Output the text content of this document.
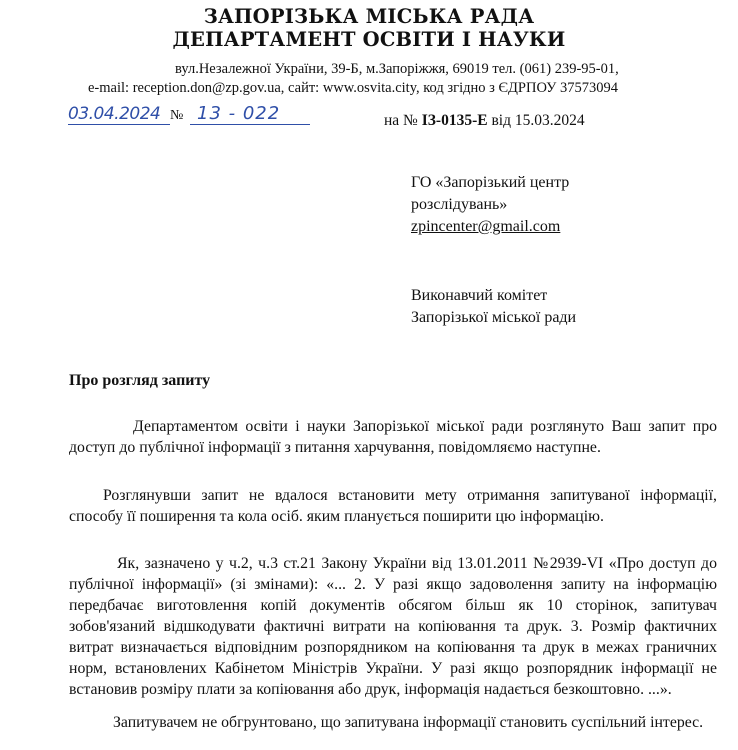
ЗАПОРІЗЬКА МІСЬКА РАДА
ДЕПАРТАМЕНТ ОСВІТИ І НАУКИ
вул.Незалежної України, 39-Б, м.Запоріжжя, 69019 тел. (061) 239-95-01,
e-mail: reception.don@zp.gov.ua, сайт: www.osvita.city, код згідно з ЄДРПОУ 37573094
03.04.2024 № 13 - 022	на № ІЗ-0135-Е від 15.03.2024
ГО «Запорізький центр
розслідувань»
zpincenter@gmail.com
Виконавчий комітет
Запорізької міської ради
Про розгляд запиту

Департаментом освіти і науки Запорізької міської ради розглянуто Ваш запит про доступ до публічної інформації з питання харчування, повідомляємо наступне.

Розглянувши запит не вдалося встановити мету отримання запитуваної інформації, способу її поширення та кола осіб. яким планується поширити цю інформацію.

Як, зазначено у ч.2, ч.3 ст.21 Закону України від 13.01.2011 №2939-VI «Про доступ до публічної інформації» (зі змінами): «... 2. У разі якщо задоволення запиту на інформацію передбачає виготовлення копій документів обсягом більш як 10 сторінок, запитувач зобов'язаний відшкодувати фактичні витрати на копіювання та друк. 3. Розмір фактичних витрат визначається відповідним розпорядником на копіювання та друк в межах граничних норм, встановлених Кабінетом Міністрів України. У разі якщо розпорядник інформації не встановив розміру плати за копіювання або друк, інформація надається безкоштовно. ...».

Запитувачем не обгрунтовано, що запитувана інформації становить суспільний інтерес.
